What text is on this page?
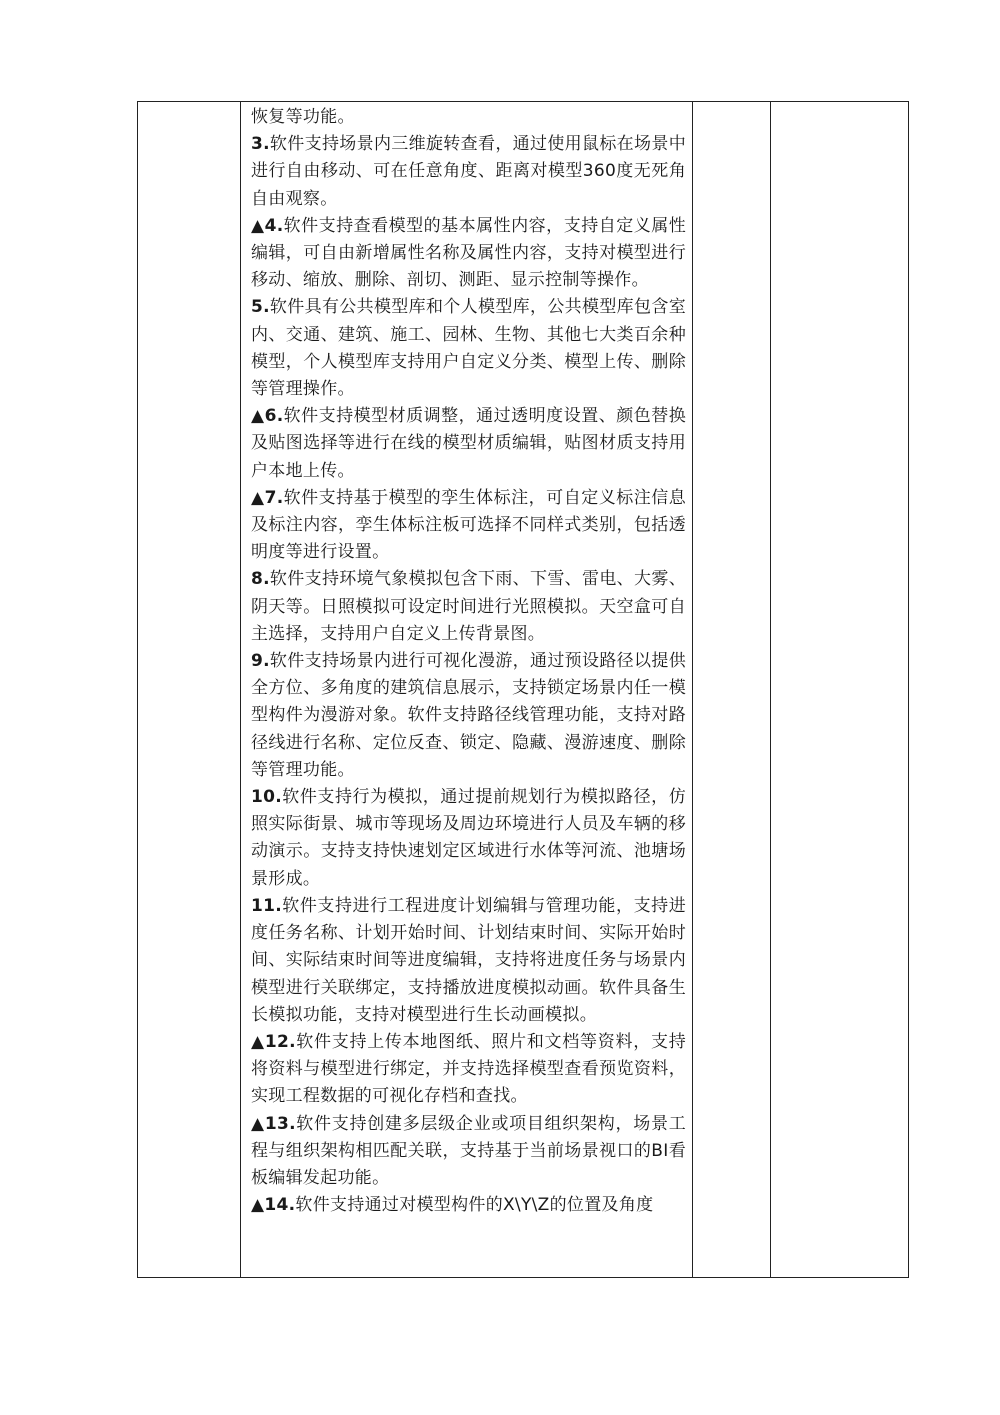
恢复等功能。

3.软件支持场景内三维旋转查看，通过使用鼠标在场景中进行自由移动、可在任意角度、距离对模型360度无死角自由观察。

▲4.软件支持查看模型的基本属性内容，支持自定义属性编辑，可自由新增属性名称及属性内容，支持对模型进行移动、缩放、删除、剖切、测距、显示控制等操作。

5.软件具有公共模型库和个人模型库，公共模型库包含室内、交通、建筑、施工、园林、生物、其他七大类百余种模型，个人模型库支持用户自定义分类、模型上传、删除等管理操作。

▲6.软件支持模型材质调整，通过透明度设置、颜色替换及贴图选择等进行在线的模型材质编辑，贴图材质支持用户本地上传。

▲7.软件支持基于模型的孪生体标注，可自定义标注信息及标注内容，孪生体标注板可选择不同样式类别，包括透明度等进行设置。

8.软件支持环境气象模拟包含下雨、下雪、雷电、大雾、阴天等。日照模拟可设定时间进行光照模拟。天空盒可自主选择，支持用户自定义上传背景图。

9.软件支持场景内进行可视化漫游，通过预设路径以提供全方位、多角度的建筑信息展示，支持锁定场景内任一模型构件为漫游对象。软件支持路径线管理功能，支持对路径线进行名称、定位反查、锁定、隐藏、漫游速度、删除等管理功能。

10.软件支持行为模拟，通过提前规划行为模拟路径，仿照实际街景、城市等现场及周边环境进行人员及车辆的移动演示。支持支持快速划定区域进行水体等河流、池塘场景形成。

11.软件支持进行工程进度计划编辑与管理功能，支持进度任务名称、计划开始时间、计划结束时间、实际开始时间、实际结束时间等进度编辑，支持将进度任务与场景内模型进行关联绑定，支持播放进度模拟动画。软件具备生长模拟功能，支持对模型进行生长动画模拟。

▲12.软件支持上传本地图纸、照片和文档等资料，支持将资料与模型进行绑定，并支持选择模型查看预览资料，实现工程数据的可视化存档和查找。

▲13.软件支持创建多层级企业或项目组织架构，场景工程与组织架构相匹配关联，支持基于当前场景视口的BI看板编辑发起功能。

▲14.软件支持通过对模型构件的X\Y\Z的位置及角度
